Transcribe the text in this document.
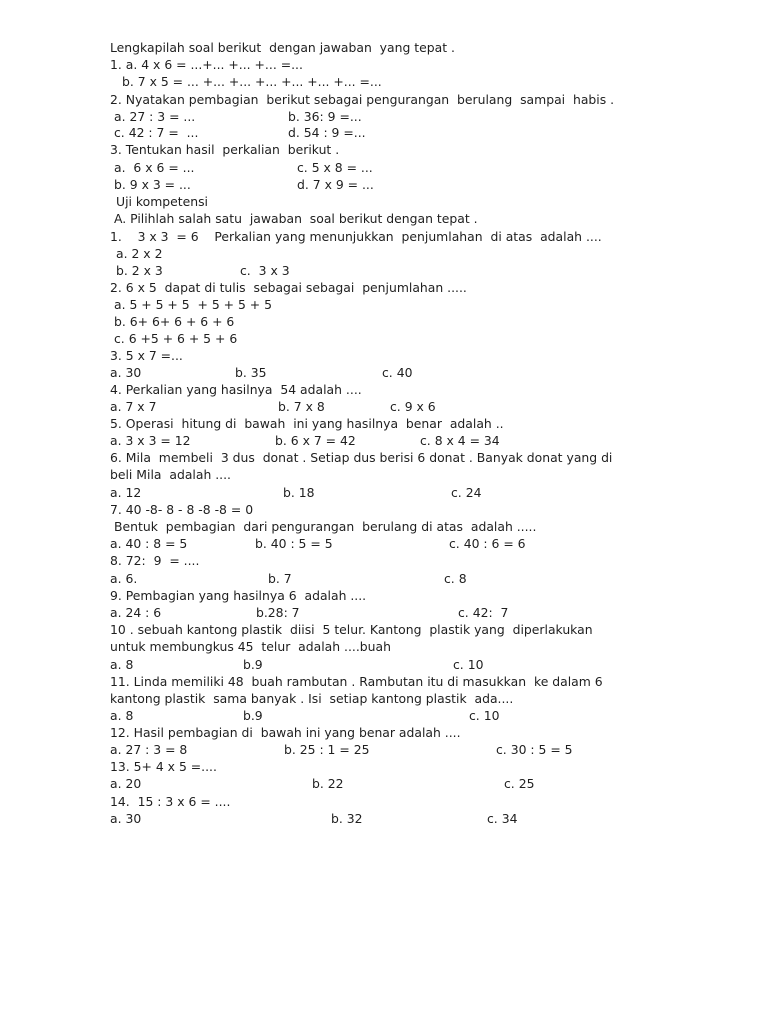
Lengkapilah soal berikut  dengan jawaban  yang tepat .
1. a. 4 x 6 = ...+... +... +... =...
b. 7 x 5 = ... +... +... +... +... +... +... =...
2. Nyatakan pembagian  berikut sebagai pengurangan  berulang  sampai  habis .
a. 27 : 3 = ...	b. 36: 9 =...
c. 42 : 7 =  ...	d. 54 : 9 =...
3. Tentukan hasil  perkalian  berikut .
a.  6 x 6 = ...	c. 5 x 8 = ...
b. 9 x 3 = ...	d. 7 x 9 = ...
Uji kompetensi
A. Pilihlah salah satu  jawaban  soal berikut dengan tepat .
1.    3 x 3  = 6    Perkalian yang menunjukkan  penjumlahan  di atas  adalah ....
a. 2 x 2
b. 2 x 3	c.  3 x 3
2. 6 x 5  dapat di tulis  sebagai sebagai  penjumlahan .....
a. 5 + 5 + 5  + 5 + 5 + 5
b. 6+ 6+ 6 + 6 + 6
c. 6 +5 + 6 + 5 + 6
3. 5 x 7 =...
a. 30	b. 35	c. 40
4. Perkalian yang hasilnya  54 adalah ....
a. 7 x 7	b. 7 x 8	c. 9 x 6
5. Operasi  hitung di  bawah  ini yang hasilnya  benar  adalah ..
a. 3 x 3 = 12	b. 6 x 7 = 42	c. 8 x 4 = 34
6. Mila  membeli  3 dus  donat . Setiap dus berisi 6 donat . Banyak donat yang di
beli Mila  adalah ....
a. 12	b. 18	c. 24
7. 40 -8- 8 - 8 -8 -8 = 0
Bentuk  pembagian  dari pengurangan  berulang di atas  adalah .....
a. 40 : 8 = 5	b. 40 : 5 = 5	c. 40 : 6 = 6
8. 72:  9  = ....
a. 6.	b. 7	c. 8
9. Pembagian yang hasilnya 6  adalah ....
a. 24 : 6	b.28: 7	c. 42:  7
10 . sebuah kantong plastik  diisi  5 telur. Kantong  plastik yang  diperlakukan
untuk membungkus 45  telur  adalah ....buah
a. 8	b.9	c. 10
11. Linda memiliki 48  buah rambutan . Rambutan itu di masukkan  ke dalam 6
kantong plastik  sama banyak . Isi  setiap kantong plastik  ada....
a. 8	b.9	c. 10
12. Hasil pembagian di  bawah ini yang benar adalah ....
a. 27 : 3 = 8	b. 25 : 1 = 25	c. 30 : 5 = 5
13. 5+ 4 x 5 =....
a. 20	b. 22	c. 25
14.  15 : 3 x 6 = ....
a. 30	b. 32	c. 34
